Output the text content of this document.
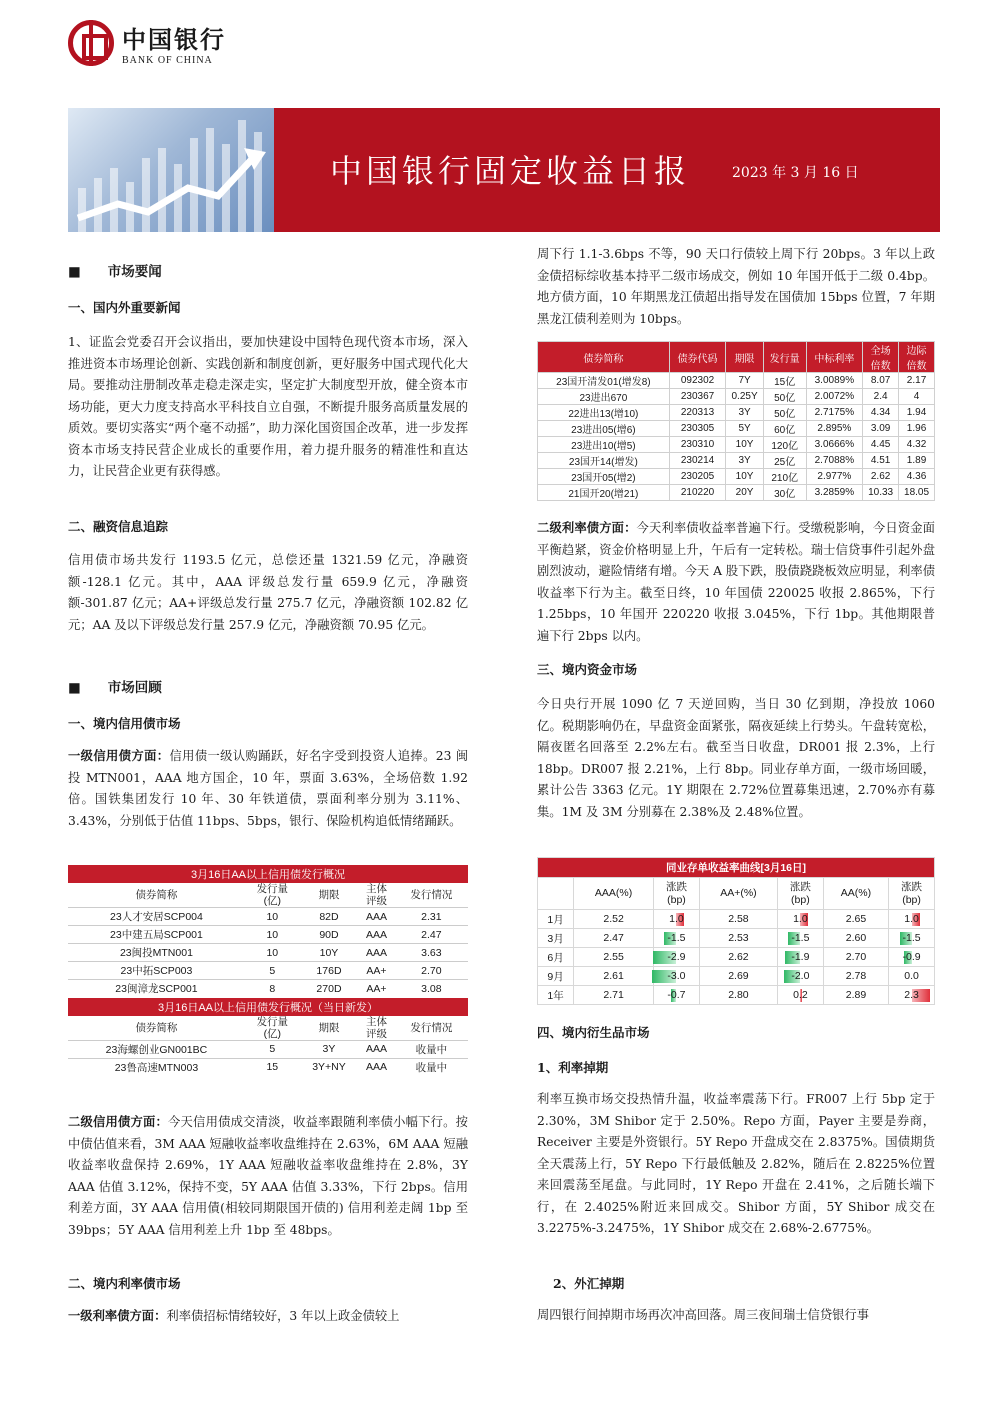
中国银行
BANK OF CHINA
中国银行固定收益日报	2023 年 3 月 16 日
■　　市场要闻
一、国内外重要新闻
1、证监会党委召开会议指出，要加快建设中国特色现代资本市场，深入推进资本市场理论创新、实践创新和制度创新，更好服务中国式现代化大局。要推动注册制改革走稳走深走实，坚定扩大制度型开放，健全资本市场功能，更大力度支持高水平科技自立自强，不断提升服务高质量发展的质效。要切实落实“两个毫不动摇”，助力深化国资国企改革，进一步发挥资本市场支持民营企业成长的重要作用，着力提升服务的精准性和直达力，让民营企业更有获得感。
二、融资信息追踪
信用债市场共发行 1193.5 亿元，总偿还量 1321.59 亿元，净融资额-128.1 亿元。其中，AAA 评级总发行量 659.9 亿元，净融资额-301.87 亿元；AA+评级总发行量 275.7 亿元，净融资额 102.82 亿元；AA 及以下评级总发行量 257.9 亿元，净融资额 70.95 亿元。
■　　市场回顾
一、境内信用债市场
一级信用债方面：信用债一级认购踊跃，好名字受到投资人追捧。23 闽投 MTN001，AAA 地方国企，10 年，票面 3.63%，全场倍数 1.92 倍。国铁集团发行 10 年、30 年铁道债，票面利率分别为 3.11%、3.43%，分别低于估值 11bps、5bps，银行、保险机构追低情绪踊跃。
3月16日AA以上信用债发行概况				
债券简称	发行量
(亿)	期限	主体
评级	发行情况
23人才安居SCP004	10	82D	AAA	2.31
23中建五局SCP001	10	90D	AAA	2.47
23闽投MTN001	10	10Y	AAA	3.63
23中拓SCP003	5	176D	AA+	2.70
23闽漳龙SCP001	8	270D	AA+	3.08
3月16日AA以上信用债发行概况（当日新发）				
债券简称	发行量
(亿)	期限	主体
评级	发行情况
23海螺创业GN001BC	5	3Y	AAA	收量中
23鲁高速MTN003	15	3Y+NY	AAA	收量中
二级信用债方面：今天信用债成交清淡，收益率跟随利率债小幅下行。按中债估值来看，3M AAA 短融收益率收盘维持在 2.63%，6M AAA 短融收益率收盘保持 2.69%，1Y AAA 短融收益率收盘维持在 2.8%，3Y AAA 估值 3.12%，保持不变，5Y AAA 估值 3.33%，下行 2bps。信用利差方面，3Y AAA 信用債(相较同期限国开债的) 信用利差走阔 1bp 至 39bps；5Y AAA 信用利差上升 1bp 至 48bps。
二、境内利率债市场
一级利率债方面：利率债招标情绪较好，3 年以上政金债较上
周下行 1.1-3.6bps 不等，90 天口行债较上周下行 20bps。3 年以上政金债招标综收基本持平二级市场成交，例如 10 年国开低于二级 0.4bp。地方债方面，10 年期黑龙江债超出指导发在国债加 15bps 位置，7 年期黑龙江债利差则为 10bps。
债券简称	债券代码	期限	发行量	中标利率	全场
倍数	边际
倍数
23国开清发01(增发8)	092302	7Y	15亿	3.0089%	8.07	2.17
23进出670	230367	0.25Y	50亿	2.0072%	2.4	4
22进出13(增10)	220313	3Y	50亿	2.7175%	4.34	1.94
23进出05(增6)	230305	5Y	60亿	2.895%	3.09	1.96
23进出10(增5)	230310	10Y	120亿	3.0666%	4.45	4.32
23国开14(增发)	230214	3Y	25亿	2.7088%	4.51	1.89
23国开05(增2)	230205	10Y	210亿	2.977%	2.62	4.36
21国开20(增21)	210220	20Y	30亿	3.2859%	10.33	18.05
二级利率债方面：今天利率债收益率普遍下行。受缴税影响，今日资金面平衡趋紧，资金价格明显上升，午后有一定转松。瑞士信贷事件引起外盘剧烈波动，避险情绪有增。今天 A 股下跌，股债跷跷板效应明显，利率债收益率下行为主。截至日终，10 年国债 220025 收报 2.865%，下行 1.25bps，10 年国开 220220 收报 3.045%，下行 1bp。其他期限普遍下行 2bps 以内。
三、境内资金市场
今日央行开展 1090 亿 7 天逆回购，当日 30 亿到期，净投放 1060 亿。税期影响仍在，早盘资金面紧张，隔夜延续上行势头。午盘转宽松，隔夜匿名回落至 2.2%左右。截至当日收盘，DR001 报 2.3%，上行 18bp。DR007 报 2.21%，上行 8bp。同业存单方面，一级市场回暖，累计公告 3363 亿元。1Y 期限在 2.72%位置募集迅速，2.70%亦有募集。1M 及 3M 分别募在 2.38%及 2.48%位置。
同业存单收益率曲线[3月16日]						
	AAA(%)	涨跌
(bp)	AA+(%)	涨跌
(bp)	AA(%)	涨跌
(bp)
1月	2.52	1.0	2.58	1.0	2.65	1.0
3月	2.47	-1.5	2.53	-1.5	2.60	-1.5
6月	2.55	-2.9	2.62	-1.9	2.70	-0.9
9月	2.61	-3.0	2.69	-2.0	2.78	0.0
1年	2.71	-0.7	2.80	0.2	2.89	2.3
四、境内衍生品市场
1、利率掉期
利率互换市场交投热情升温，收益率震荡下行。FR007 上行 5bp 定于 2.30%，3M Shibor 定于 2.50%。Repo 方面，Payer 主要是券商，Receiver 主要是外资银行。5Y Repo 开盘成交在 2.8375%。国债期货全天震荡上行，5Y Repo 下行最低触及 2.82%，随后在 2.8225%位置来回震荡至尾盘。与此同时，1Y Repo 开盘在 2.41%，之后随长端下行，在 2.4025%附近来回成交。Shibor 方面，5Y Shibor 成交在 3.2275%-3.2475%，1Y Shibor 成交在 2.68%-2.6775%。
2、外汇掉期
周四银行间掉期市场再次冲高回落。周三夜间瑞士信贷银行事
